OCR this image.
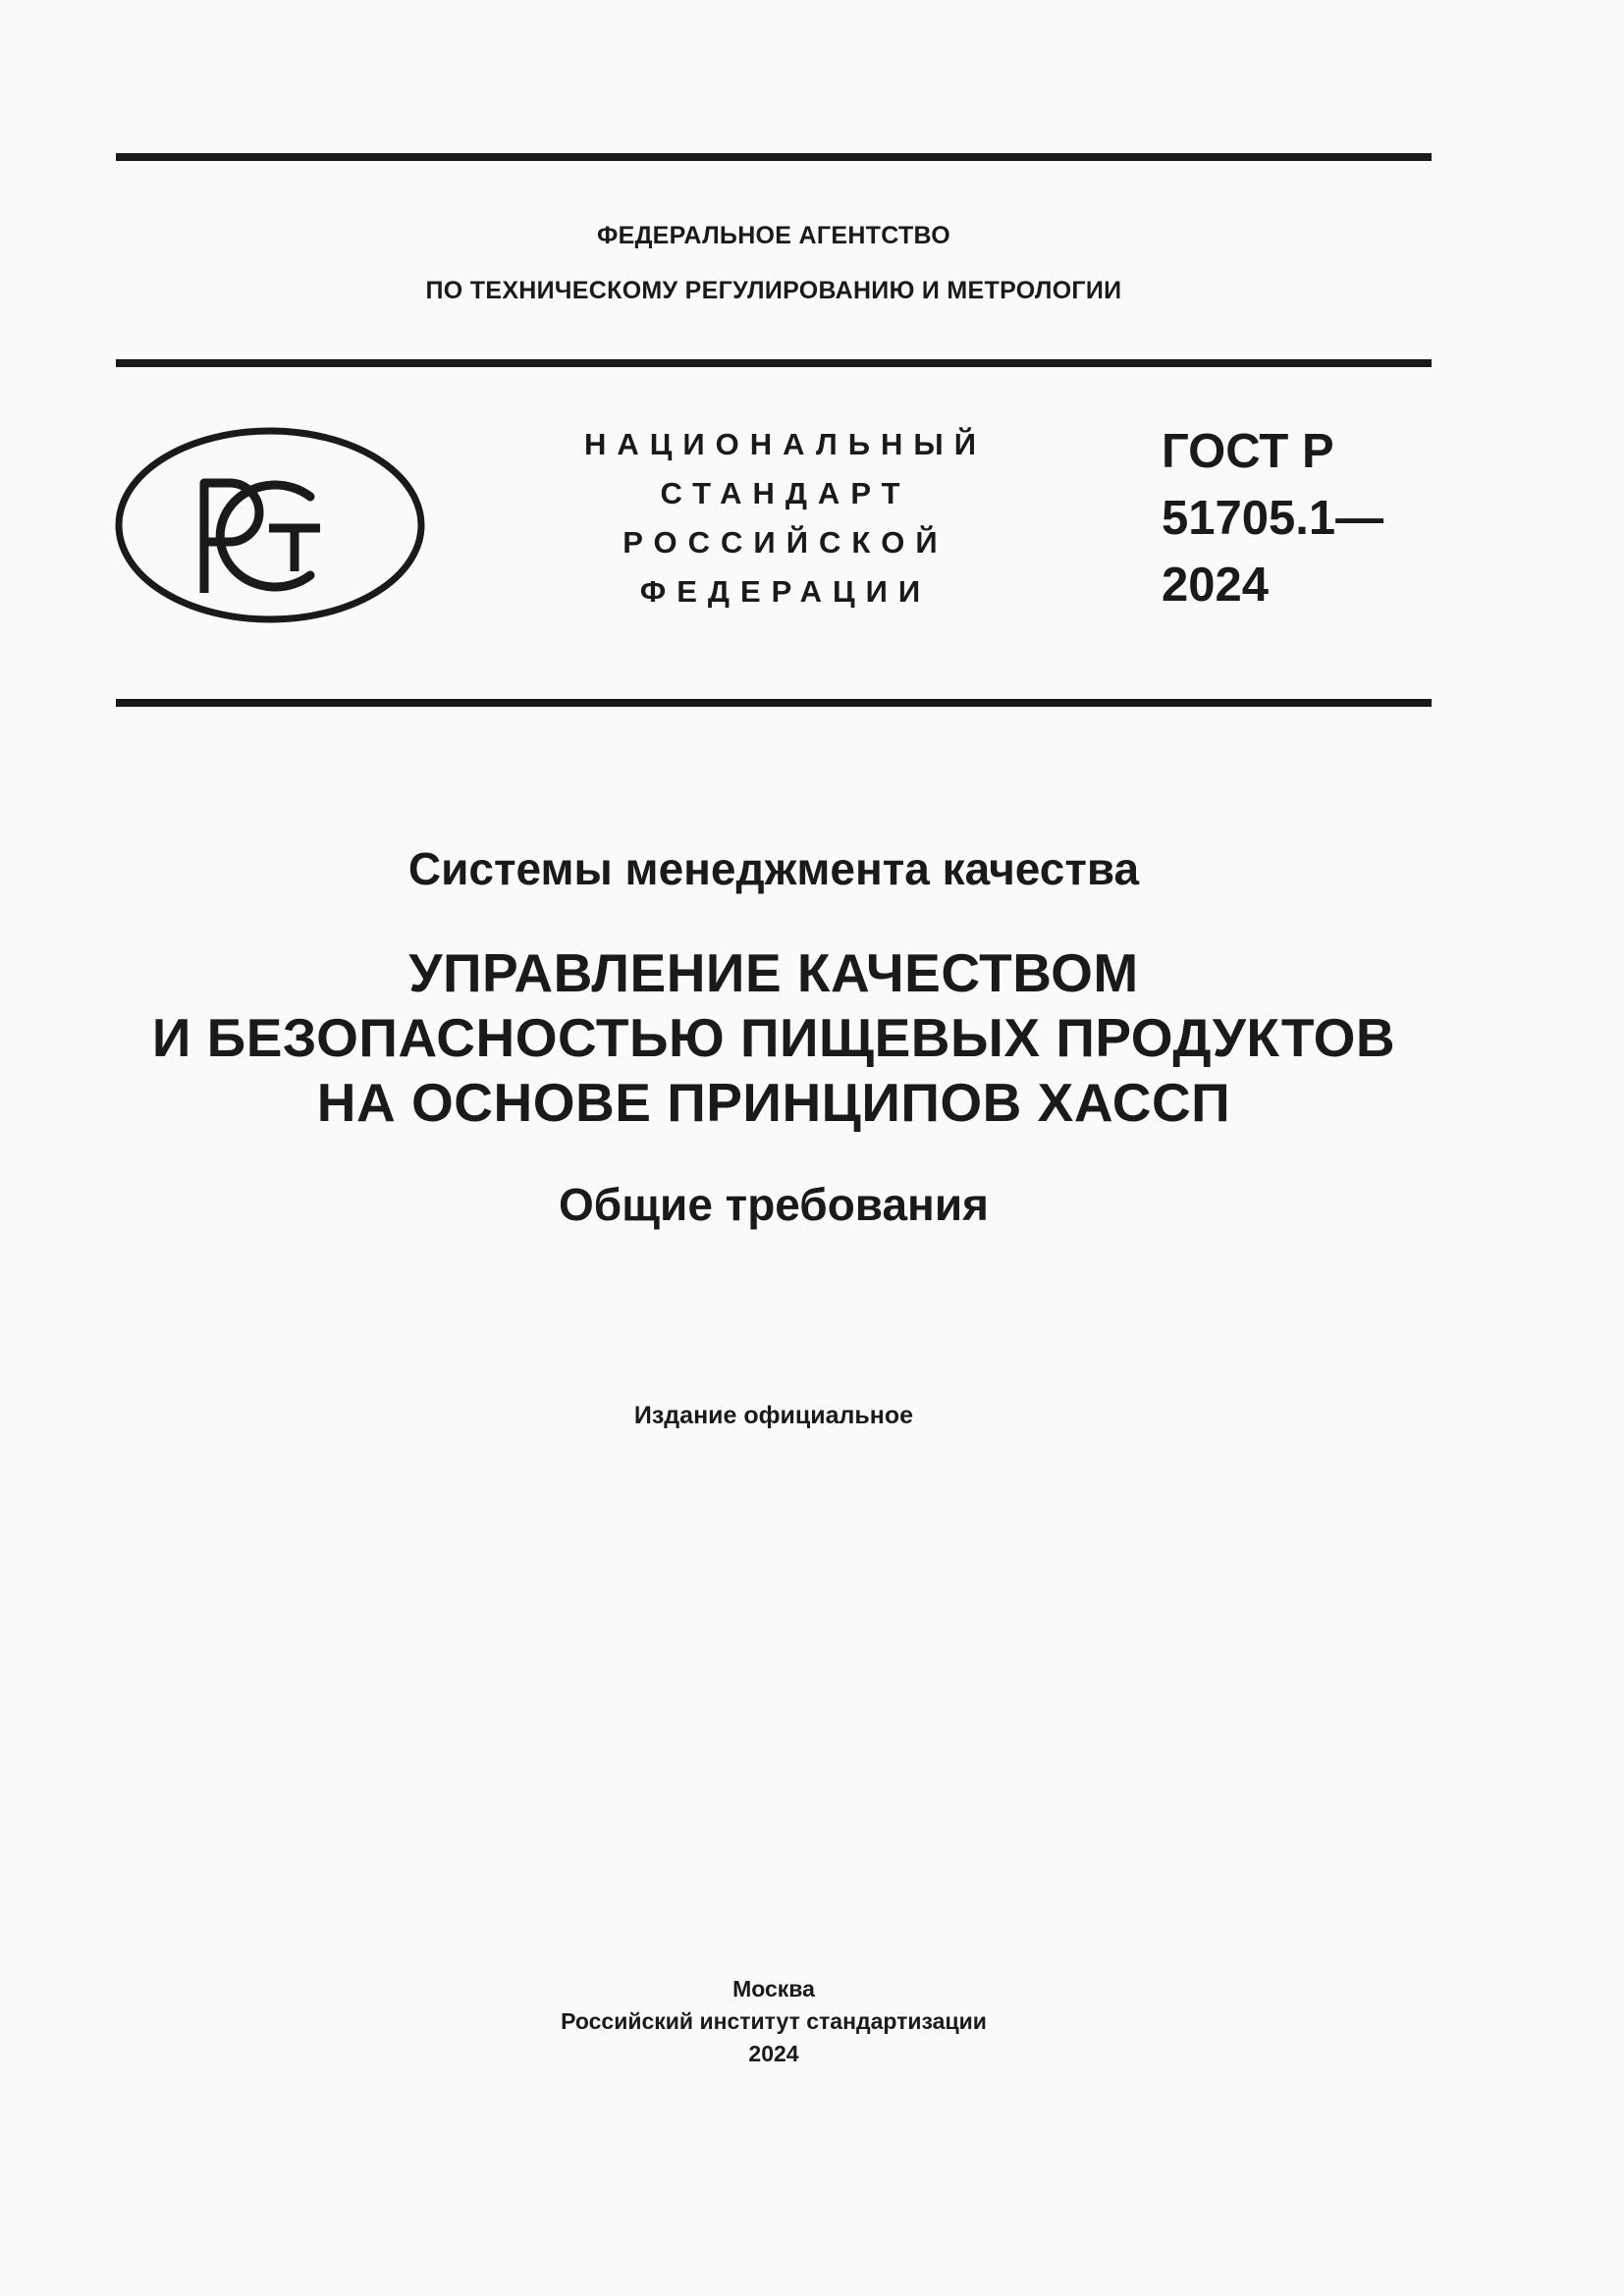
ФЕДЕРАЛЬНОЕ АГЕНТСТВО
ПО ТЕХНИЧЕСКОМУ РЕГУЛИРОВАНИЮ И МЕТРОЛОГИИ
НАЦИОНАЛЬНЫЙ
СТАНДАРТ
РОССИЙСКОЙ
ФЕДЕРАЦИИ
ГОСТ Р
51705.1—
2024
Системы менеджмента качества
УПРАВЛЕНИЕ КАЧЕСТВОМ
И БЕЗОПАСНОСТЬЮ ПИЩЕВЫХ ПРОДУКТОВ
НА ОСНОВЕ ПРИНЦИПОВ ХАССП
Общие требования
Издание официальное
Москва
Российский институт стандартизации
2024
